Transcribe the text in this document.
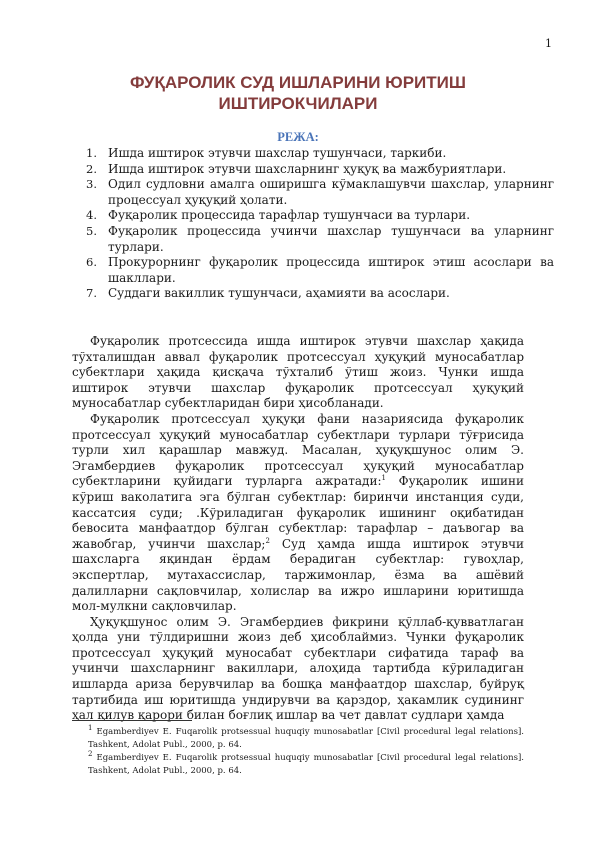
1
ФУҚАРОЛИК СУД ИШЛАРИНИ ЮРИТИШ ИШТИРОКЧИЛАРИ
РЕЖА:
1. Ишда иштирок этувчи шахслар тушунчаси, таркиби.
2. Ишда иштирок этувчи шахсларнинг ҳуқуқ ва мажбуриятлари.
3. Одил судловни амалга оширишга кўмаклашувчи шахслар, уларнинг процессуал ҳуқуқий ҳолати.
4. Фуқаролик процессида тарафлар тушунчаси ва турлари.
5. Фуқаролик процессида учинчи шахслар тушунчаси ва уларнинг турлари.
6. Прокурорнинг фуқаролик процессида иштирок этиш асослари ва шакллари.
7. Суддаги вакиллик тушунчаси, аҳамияти ва асослари.

Фуқаролик протсессида ишда иштирок этувчи шахслар ҳақида тўхталишдан аввал фуқаролик протсессуал ҳуқуқий муносабатлар субектлари ҳақида қисқача тўхталиб ўтиш жоиз. Чунки ишда иштирок этувчи шахслар фуқаролик протсессуал ҳуқуқий муносабатлар субектларидан бири ҳисобланади.

Фуқаролик протсессуал ҳуқуқи фани назариясида фуқаролик протсессуал ҳуқуқий муносабатлар субектлари турлари тўғрисида турли хил қарашлар мавжуд. Масалан, ҳуқуқшунос олим Э. Эгамбердиев фуқаролик протсессуал ҳуқуқий муносабатлар субектларини қуйидаги турларга ажратади:$^1$ Фуқаролик ишини кўриш ваколатига эга бўлган субектлар: биринчи инстанция суди, кассатсия суди; .Кўриладиган фуқаролик ишининг оқибатидан бевосита манфаатдор бўлган субектлар: тарафлар – даъвогар ва жавобгар, учинчи шахслар;$^2$ Суд ҳамда ишда иштирок этувчи шахсларга яқиндан ёрдам берадиган субектлар: гувоҳлар, экспертлар, мутахассислар, таржимонлар, ёзма ва ашёвий далилларни сақловчилар, холислар ва ижро ишларини юритишда мол-мулкни сақловчилар.

Ҳуқуқшунос олим Э. Эгамбердиев фикрини қўллаб-қувватлаган ҳолда уни тўлдиришни жоиз деб ҳисоблаймиз. Чунки фуқаролик протсессуал ҳуқуқий муносабат субектлари сифатида тараф ва учинчи шахсларнинг вакиллари, алоҳида тартибда кўриладиган ишларда ариза берувчилар ва бошқа манфаатдор шахслар, буйруқ тартибида иш юритишда ундирувчи ва қарздор, ҳакамлик судининг ҳал қилув қарори билан боғлиқ ишлар ва чет давлат судлари ҳамда

$^1$ Egamberdiyev E. Fuqarolik protsessual huquqiy munosabatlar [Civil procedural legal relations]. Tashkent, Adolat Publ., 2000, p. 64.
$^2$ Egamberdiyev E. Fuqarolik protsessual huquqiy munosabatlar [Civil procedural legal relations]. Tashkent, Adolat Publ., 2000, p. 64.
